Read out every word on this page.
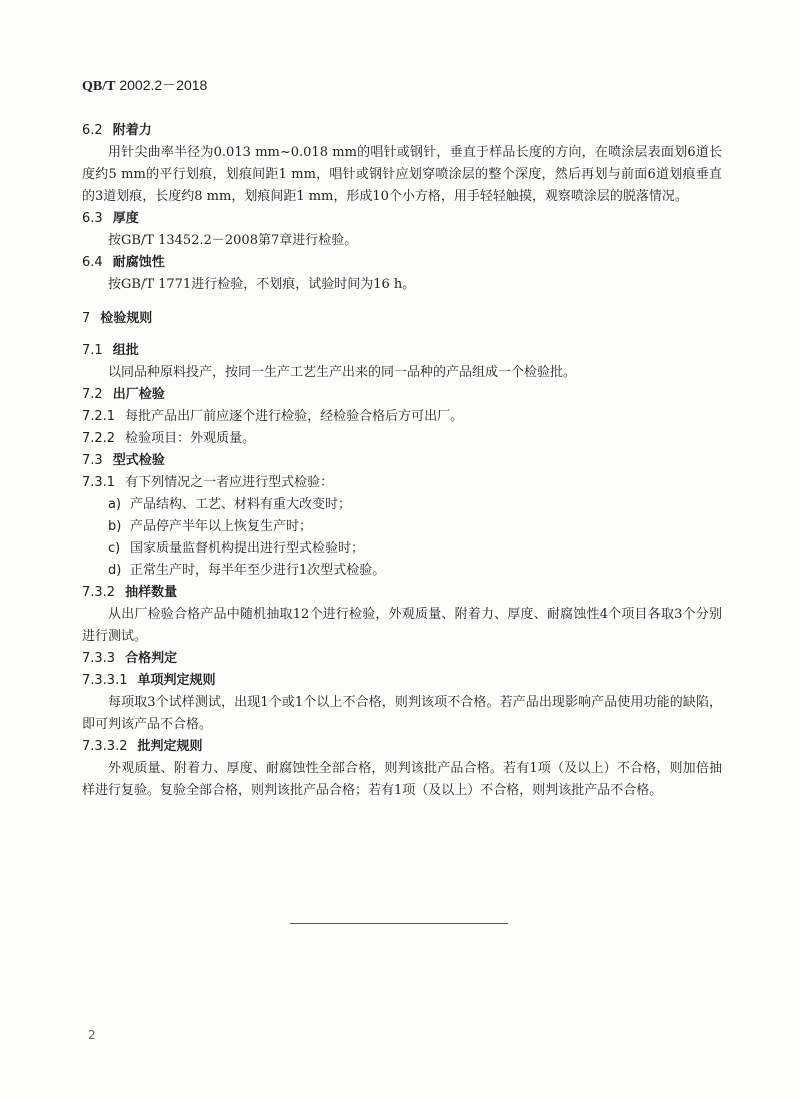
QB/T 2002.2－2018
6.2 附着力
用针尖曲率半径为0.013 mm~0.018 mm的唱针或钢针，垂直于样品长度的方向，在喷涂层表面划6道长度约5 mm的平行划痕，划痕间距1 mm，唱针或钢针应划穿喷涂层的整个深度，然后再划与前面6道划痕垂直的3道划痕，长度约8 mm，划痕间距1 mm，形成10个小方格，用手轻轻触摸，观察喷涂层的脱落情况。
6.3 厚度
按GB/T 13452.2－2008第7章进行检验。
6.4 耐腐蚀性
按GB/T 1771进行检验，不划痕，试验时间为16 h。
7 检验规则
7.1 组批
以同品种原料投产，按同一生产工艺生产出来的同一品种的产品组成一个检验批。
7.2 出厂检验
7.2.1 每批产品出厂前应逐个进行检验，经检验合格后方可出厂。
7.2.2 检验项目：外观质量。
7.3 型式检验
7.3.1 有下列情况之一者应进行型式检验：
a) 产品结构、工艺、材料有重大改变时；
b) 产品停产半年以上恢复生产时；
c) 国家质量监督机构提出进行型式检验时；
d) 正常生产时，每半年至少进行1次型式检验。
7.3.2 抽样数量
从出厂检验合格产品中随机抽取12个进行检验，外观质量、附着力、厚度、耐腐蚀性4个项目各取3个分别进行测试。
7.3.3 合格判定
7.3.3.1 单项判定规则
每项取3个试样测试，出现1个或1个以上不合格，则判该项不合格。若产品出现影响产品使用功能的缺陷，即可判该产品不合格。
7.3.3.2 批判定规则
外观质量、附着力、厚度、耐腐蚀性全部合格，则判该批产品合格。若有1项（及以上）不合格，则加倍抽样进行复验。复验全部合格，则判该批产品合格；若有1项（及以上）不合格，则判该批产品不合格。
2
